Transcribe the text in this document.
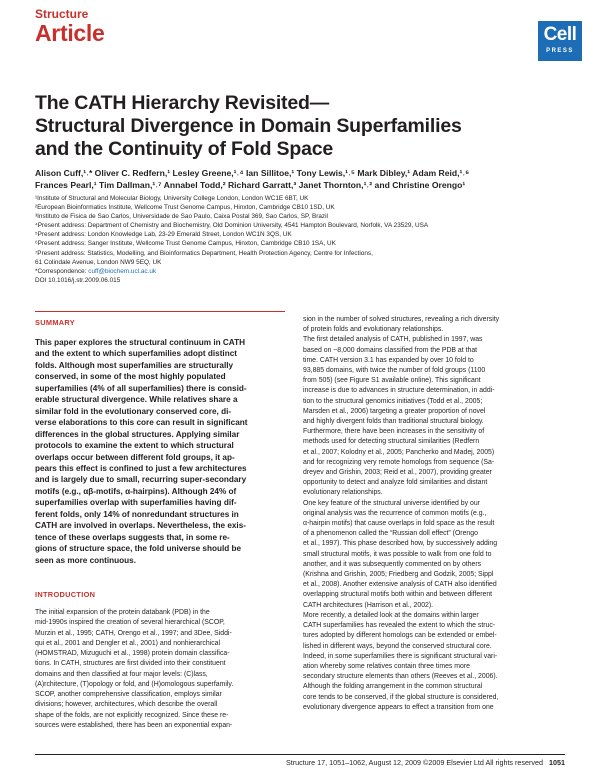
Structure
Article	Cell
PRESS
The CATH Hierarchy Revisited—
Structural Divergence in Domain Superfamilies
and the Continuity of Fold Space
Alison Cuff,¹˒* Oliver C. Redfern,¹ Lesley Greene,¹˒⁴ Ian Sillitoe,¹ Tony Lewis,¹˒⁵ Mark Dibley,¹ Adam Reid,¹˒⁶
Frances Pearl,¹ Tim Dallman,¹˒⁷ Annabel Todd,² Richard Garratt,³ Janet Thornton,¹˒² and Christine Orengo¹
¹Institute of Structural and Molecular Biology, University College London, London WC1E 6BT, UK
²European Bioinformatics Institute, Wellcome Trust Genome Campus, Hinxton, Cambridge CB10 1SD, UK
³Instituto de Fisica de Sao Carlos, Universidade de Sao Paulo, Caixa Postal 369, Sao Carlos, SP, Brazil
⁴Present address: Department of Chemistry and Biochemistry, Old Dominion University, 4541 Hampton Boulevard, Norfolk, VA 23529, USA
⁵Present address: London Knowledge Lab, 23-29 Emerald Street, London WC1N 3QS, UK
⁶Present address: Sanger Institute, Wellcome Trust Genome Campus, Hinxton, Cambridge CB10 1SA, UK
⁷Present address: Statistics, Modelling, and Bioinformatics Department, Health Protection Agency, Centre for Infections,
61 Colindale Avenue, London NW9 5EQ, UK
*Correspondence: cuff@biochem.ucl.ac.uk
DOI 10.1016/j.str.2009.06.015
SUMMARY
This paper explores the structural continuum in CATH
and the extent to which superfamilies adopt distinct
folds. Although most superfamilies are structurally
conserved, in some of the most highly populated
superfamilies (4% of all superfamilies) there is consid-
erable structural divergence. While relatives share a
similar fold in the evolutionary conserved core, di-
verse elaborations to this core can result in significant
differences in the global structures. Applying similar
protocols to examine the extent to which structural
overlaps occur between different fold groups, it ap-
pears this effect is confined to just a few architectures
and is largely due to small, recurring super-secondary
motifs (e.g., αβ-motifs, α-hairpins). Although 24% of
superfamilies overlap with superfamilies having dif-
ferent folds, only 14% of nonredundant structures in
CATH are involved in overlaps. Nevertheless, the exis-
tence of these overlaps suggests that, in some re-
gions of structure space, the fold universe should be
seen as more continuous.
INTRODUCTION
The initial expansion of the protein databank (PDB) in the
mid-1990s inspired the creation of several hierarchical (SCOP,
Murzin et al., 1995; CATH, Orengo et al., 1997; and 3Dee, Siddi-
qui et al., 2001 and Dengler et al., 2001) and nonhierarchical
(HOMSTRAD, Mizuguchi et al., 1998) protein domain classifica-
tions. In CATH, structures are first divided into their constituent
domains and then classified at four major levels: (C)lass,
(A)rchitecture, (T)opology or fold, and (H)omologous superfamily.
SCOP, another comprehensive classification, employs similar
divisions; however, architectures, which describe the overall
shape of the folds, are not explicitly recognized. Since these re-
sources were established, there has been an exponential expan-
sion in the number of solved structures, revealing a rich diversity
of protein folds and evolutionary relationships.
The first detailed analysis of CATH, published in 1997, was
based on ~8,000 domains classified from the PDB at that
time. CATH version 3.1 has expanded by over 10 fold to
93,885 domains, with twice the number of fold groups (1100
from 505) (see Figure S1 available online). This significant
increase is due to advances in structure determination, in addi-
tion to the structural genomics initiatives (Todd et al., 2005;
Marsden et al., 2006) targeting a greater proportion of novel
and highly divergent folds than traditional structural biology.
Furthermore, there have been increases in the sensitivity of
methods used for detecting structural similarities (Redfern
et al., 2007; Kolodny et al., 2005; Pancherko and Madej, 2005)
and for recognizing very remote homologs from sequence (Sa-
dreyev and Grishin, 2003; Reid et al., 2007), providing greater
opportunity to detect and analyze fold similarities and distant
evolutionary relationships.
One key feature of the structural universe identified by our
original analysis was the recurrence of common motifs (e.g.,
α-hairpin motifs) that cause overlaps in fold space as the result
of a phenomenon called the “Russian doll effect” (Orengo
et al., 1997). This phase described how, by successively adding
small structural motifs, it was possible to walk from one fold to
another, and it was subsequently commented on by others
(Krishna and Grishin, 2005; Friedberg and Godzik, 2005; Sippl
et al., 2008). Another extensive analysis of CATH also identified
overlapping structural motifs both within and between different
CATH architectures (Harrison et al., 2002).
More recently, a detailed look at the domains within larger
CATH superfamilies has revealed the extent to which the struc-
tures adopted by different homologs can be extended or embel-
lished in different ways, beyond the conserved structural core.
Indeed, in some superfamilies there is significant structural vari-
ation whereby some relatives contain three times more
secondary structure elements than others (Reeves et al., 2006).
Although the folding arrangement in the common structural
core tends to be conserved, if the global structure is considered,
evolutionary divergence appears to effect a transition from one
Structure 17, 1051–1062, August 12, 2009 ©2009 Elsevier Ltd All rights reserved 1051
